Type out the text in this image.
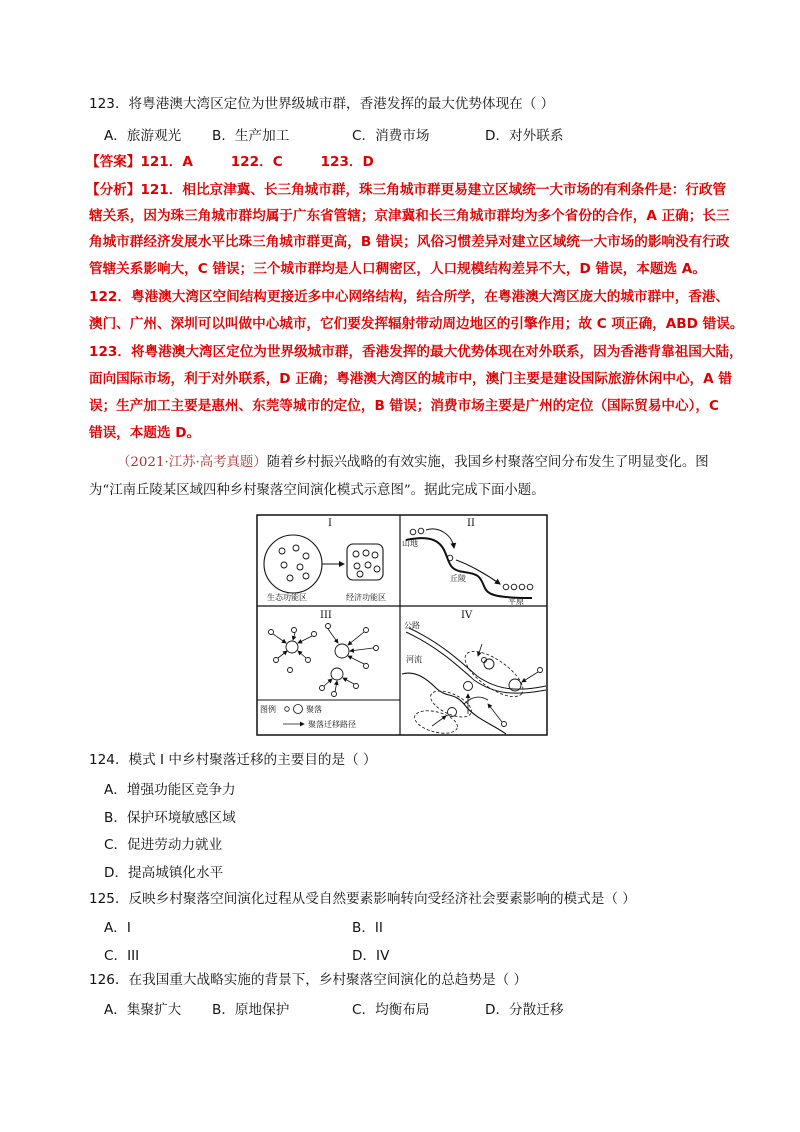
123．将粤港澳大湾区定位为世界级城市群，香港发挥的最大优势体现在（ ）
A．旅游观光 B．生产加工	C．消费市场	D．对外联系
【答案】121．A        122．C        123．D
【分析】121．相比京津冀、长三角城市群，珠三角城市群更易建立区域统一大市场的有利条件是：行政管
辖关系，因为珠三角城市群均属于广东省管辖；京津冀和长三角城市群均为多个省份的合作，A 正确；长三
角城市群经济发展水平比珠三角城市群更高，B 错误；风俗习惯差异对建立区域统一大市场的影响没有行政
管辖关系影响大，C 错误；三个城市群均是人口稠密区，人口规模结构差异不大，D 错误，本题选 A。
122．粤港澳大湾区空间结构更接近多中心网络结构，结合所学，在粤港澳大湾区庞大的城市群中，香港、
澳门、广州、深圳可以叫做中心城市，它们要发挥辐射带动周边地区的引擎作用；故 C 项正确，ABD 错误。
123．将粤港澳大湾区定位为世界级城市群，香港发挥的最大优势体现在对外联系，因为香港背靠祖国大陆，
面向国际市场，利于对外联系，D 正确；粤港澳大湾区的城市中，澳门主要是建设国际旅游休闲中心，A 错
误；生产加工主要是惠州、东莞等城市的定位，B 错误；消费市场主要是广州的定位（国际贸易中心），C
错误，本题选 D。
（2021·江苏·高考真题）随着乡村振兴战略的有效实施，我国乡村聚落空间分布发生了明显变化。图
为“江南丘陵某区域四种乡村聚落空间演化模式示意图”。据此完成下面小题。
I
生态功能区	经济功能区
II
山地
丘陵
平原
III
图例	聚落
聚落迁移路径
IV
公路
河流
124．模式 I 中乡村聚落迁移的主要目的是（ ）
A．增强功能区竞争力
B．保护环境敏感区域
C．促进劳动力就业
D．提高城镇化水平
125．反映乡村聚落空间演化过程从受自然要素影响转向受经济社会要素影响的模式是（ ）
A．I	B．II
C．III	D．IV
126．在我国重大战略实施的背景下，乡村聚落空间演化的总趋势是（ ）
A．集聚扩大 B．原地保护	C．均衡布局	D．分散迁移
